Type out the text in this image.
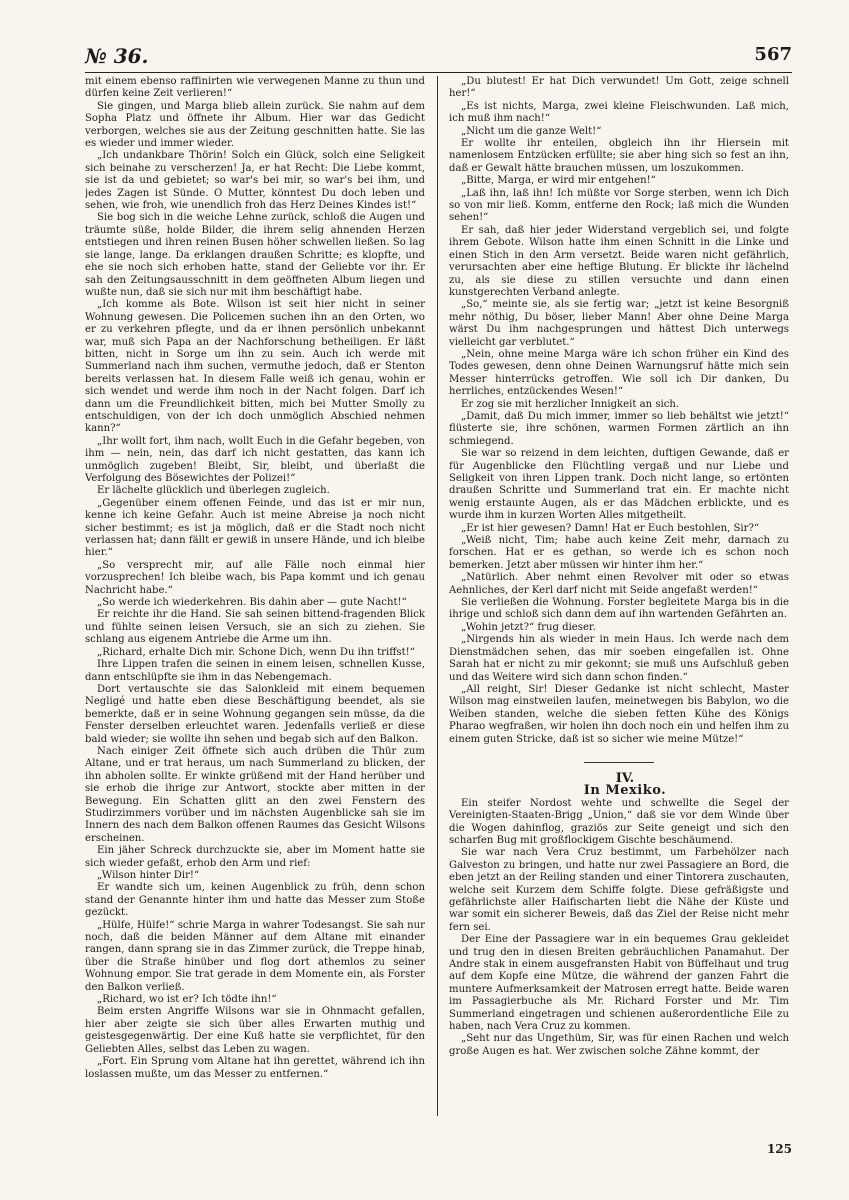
№ 36.	567

mit einem ebenso raffinirten wie verwegenen Manne zu thun und dürfen keine Zeit verlieren!“

Sie gingen, und Marga blieb allein zurück. Sie nahm auf dem Sopha Platz und öffnete ihr Album. Hier war das Gedicht verborgen, welches sie aus der Zeitung geschnitten hatte. Sie las es wieder und immer wieder.

„Ich undankbare Thörin! Solch ein Glück, solch eine Seligkeit sich beinahe zu verscherzen! Ja, er hat Recht: Die Liebe kommt, sie ist da und gebietet; so war's bei mir, so war's bei ihm, und jedes Zagen ist Sünde. O Mutter, könntest Du doch leben und sehen, wie froh, wie unendlich froh das Herz Deines Kindes ist!“

Sie bog sich in die weiche Lehne zurück, schloß die Augen und träumte süße, holde Bilder, die ihrem selig ahnenden Herzen entstiegen und ihren reinen Busen höher schwellen ließen. So lag sie lange, lange. Da erklangen draußen Schritte; es klopfte, und ehe sie noch sich erhoben hatte, stand der Geliebte vor ihr. Er sah den Zeitungsausschnitt in dem geöffneten Album liegen und wußte nun, daß sie sich nur mit ihm beschäftigt habe.

„Ich komme als Bote. Wilson ist seit hier nicht in seiner Wohnung gewesen. Die Policemen suchen ihn an den Orten, wo er zu verkehren pflegte, und da er ihnen persönlich unbekannt war, muß sich Papa an der Nachforschung betheiligen. Er läßt bitten, nicht in Sorge um ihn zu sein. Auch ich werde mit Summerland nach ihm suchen, vermuthe jedoch, daß er Stenton bereits verlassen hat. In diesem Falle weiß ich genau, wohin er sich wendet und werde ihm noch in der Nacht folgen. Darf ich dann um die Freundlichkeit bitten, mich bei Mutter Smolly zu entschuldigen, von der ich doch unmöglich Abschied nehmen kann?“

„Ihr wollt fort, ihm nach, wollt Euch in die Gefahr begeben, von ihm — nein, nein, das darf ich nicht gestatten, das kann ich unmöglich zugeben! Bleibt, Sir, bleibt, und überlaßt die Verfolgung des Bösewichtes der Polizei!“

Er lächelte glücklich und überlegen zugleich.

„Gegenüber einem offenen Feinde, und das ist er mir nun, kenne ich keine Gefahr. Auch ist meine Abreise ja noch nicht sicher bestimmt; es ist ja möglich, daß er die Stadt noch nicht verlassen hat; dann fällt er gewiß in unsere Hände, und ich bleibe hier.“

„So versprecht mir, auf alle Fälle noch einmal hier vorzusprechen! Ich bleibe wach, bis Papa kommt und ich genau Nachricht habe.“

„So werde ich wiederkehren. Bis dahin aber — gute Nacht!“

Er reichte ihr die Hand. Sie sah seinen bittend-fragenden Blick und fühlte seinen leisen Versuch, sie an sich zu ziehen. Sie schlang aus eigenem Antriebe die Arme um ihn.

„Richard, erhalte Dich mir. Schone Dich, wenn Du ihn triffst!“

Ihre Lippen trafen die seinen in einem leisen, schnellen Kusse, dann entschlüpfte sie ihm in das Nebengemach.

Dort vertauschte sie das Salonkleid mit einem bequemen Negligé und hatte eben diese Beschäftigung beendet, als sie bemerkte, daß er in seine Wohnung gegangen sein müsse, da die Fenster derselben erleuchtet waren. Jedenfalls verließ er diese bald wieder; sie wollte ihn sehen und begab sich auf den Balkon.

Nach einiger Zeit öffnete sich auch drüben die Thür zum Altane, und er trat heraus, um nach Summerland zu blicken, der ihn abholen sollte. Er winkte grüßend mit der Hand herüber und sie erhob die ihrige zur Antwort, stockte aber mitten in der Bewegung. Ein Schatten glitt an den zwei Fenstern des Studirzimmers vorüber und im nächsten Augenblicke sah sie im Innern des nach dem Balkon offenen Raumes das Gesicht Wilsons erscheinen.

Ein jäher Schreck durchzuckte sie, aber im Moment hatte sie sich wieder gefaßt, erhob den Arm und rief:

„Wilson hinter Dir!“

Er wandte sich um, keinen Augenblick zu früh, denn schon stand der Genannte hinter ihm und hatte das Messer zum Stoße gezückt.

„Hülfe, Hülfe!“ schrie Marga in wahrer Todesangst. Sie sah nur noch, daß die beiden Männer auf dem Altane mit einander rangen, dann sprang sie in das Zimmer zurück, die Treppe hinab, über die Straße hinüber und flog dort athemlos zu seiner Wohnung empor. Sie trat gerade in dem Momente ein, als Forster den Balkon verließ.

„Richard, wo ist er? Ich tödte ihn!“

Beim ersten Angriffe Wilsons war sie in Ohnmacht gefallen, hier aber zeigte sie sich über alles Erwarten muthig und geistesgegenwärtig. Der eine Kuß hatte sie verpflichtet, für den Geliebten Alles, selbst das Leben zu wagen.

„Fort. Ein Sprung vom Altane hat ihn gerettet, während ich ihn loslassen mußte, um das Messer zu entfernen.“

„Du blutest! Er hat Dich verwundet! Um Gott, zeige schnell her!“

„Es ist nichts, Marga, zwei kleine Fleischwunden. Laß mich, ich muß ihm nach!“

„Nicht um die ganze Welt!“

Er wollte ihr enteilen, obgleich ihn ihr Hiersein mit namenlosem Entzücken erfüllte; sie aber hing sich so fest an ihn, daß er Gewalt hätte brauchen müssen, um loszukommen.

„Bitte, Marga, er wird mir entgehen!“

„Laß ihn, laß ihn! Ich müßte vor Sorge sterben, wenn ich Dich so von mir ließ. Komm, entferne den Rock; laß mich die Wunden sehen!“

Er sah, daß hier jeder Widerstand vergeblich sei, und folgte ihrem Gebote. Wilson hatte ihm einen Schnitt in die Linke und einen Stich in den Arm versetzt. Beide waren nicht gefährlich, verursachten aber eine heftige Blutung. Er blickte ihr lächelnd zu, als sie diese zu stillen versuchte und dann einen kunstgerechten Verband anlegte.

„So,“ meinte sie, als sie fertig war; „jetzt ist keine Besorgniß mehr nöthig, Du böser, lieber Mann! Aber ohne Deine Marga wärst Du ihm nachgesprungen und hättest Dich unterwegs vielleicht gar verblutet.“

„Nein, ohne meine Marga wäre ich schon früher ein Kind des Todes gewesen, denn ohne Deinen Warnungsruf hätte mich sein Messer hinterrücks getroffen. Wie soll ich Dir danken, Du herrliches, entzückendes Wesen!“

Er zog sie mit herzlicher Innigkeit an sich.

„Damit, daß Du mich immer, immer so lieb behältst wie jetzt!“ flüsterte sie, ihre schönen, warmen Formen zärtlich an ihn schmiegend.

Sie war so reizend in dem leichten, duftigen Gewande, daß er für Augenblicke den Flüchtling vergaß und nur Liebe und Seligkeit von ihren Lippen trank. Doch nicht lange, so ertönten draußen Schritte und Summerland trat ein. Er machte nicht wenig erstaunte Augen, als er das Mädchen erblickte, und es wurde ihm in kurzen Worten Alles mitgetheilt.

„Er ist hier gewesen? Damn! Hat er Euch bestohlen, Sir?“

„Weiß nicht, Tim; habe auch keine Zeit mehr, darnach zu forschen. Hat er es gethan, so werde ich es schon noch bemerken. Jetzt aber müssen wir hinter ihm her.“

„Natürlich. Aber nehmt einen Revolver mit oder so etwas Aehnliches, der Kerl darf nicht mit Seide angefaßt werden!“

Sie verließen die Wohnung. Forster begleitete Marga bis in die ihrige und schloß sich dann dem auf ihn wartenden Gefährten an.

„Wohin jetzt?“ frug dieser.

„Nirgends hin als wieder in mein Haus. Ich werde nach dem Dienstmädchen sehen, das mir soeben eingefallen ist. Ohne Sarah hat er nicht zu mir gekonnt; sie muß uns Aufschluß geben und das Weitere wird sich dann schon finden.“

„All reight, Sir! Dieser Gedanke ist nicht schlecht, Master Wilson mag einstweilen laufen, meinetwegen bis Babylon, wo die Weiben standen, welche die sieben fetten Kühe des Königs Pharao wegfraßen, wir holen ihn doch noch ein und helfen ihm zu einem guten Stricke, daß ist so sicher wie meine Mütze!“

IV.

In Mexiko.

Ein steifer Nordost wehte und schwellte die Segel der Vereinigten-Staaten-Brigg „Union,“ daß sie vor dem Winde über die Wogen dahinflog, graziös zur Seite geneigt und sich den scharfen Bug mit großflockigem Gischte beschäumend.

Sie war nach Vera Cruz bestimmt, um Farbehölzer nach Galveston zu bringen, und hatte nur zwei Passagiere an Bord, die eben jetzt an der Reiling standen und einer Tintorera zuschauten, welche seit Kurzem dem Schiffe folgte. Diese gefräßigste und gefährlichste aller Haifischarten liebt die Nähe der Küste und war somit ein sicherer Beweis, daß das Ziel der Reise nicht mehr fern sei.

Der Eine der Passagiere war in ein bequemes Grau gekleidet und trug den in diesen Breiten gebräuchlichen Panamahut. Der Andre stak in einem ausgefransten Habit von Büffelhaut und trug auf dem Kopfe eine Mütze, die während der ganzen Fahrt die muntere Aufmerksamkeit der Matrosen erregt hatte. Beide waren im Passagierbuche als Mr. Richard Forster und Mr. Tim Summerland eingetragen und schienen außerordentliche Eile zu haben, nach Vera Cruz zu kommen.

„Seht nur das Ungethüm, Sir, was für einen Rachen und welch große Augen es hat. Wer zwischen solche Zähne kommt, der

125
